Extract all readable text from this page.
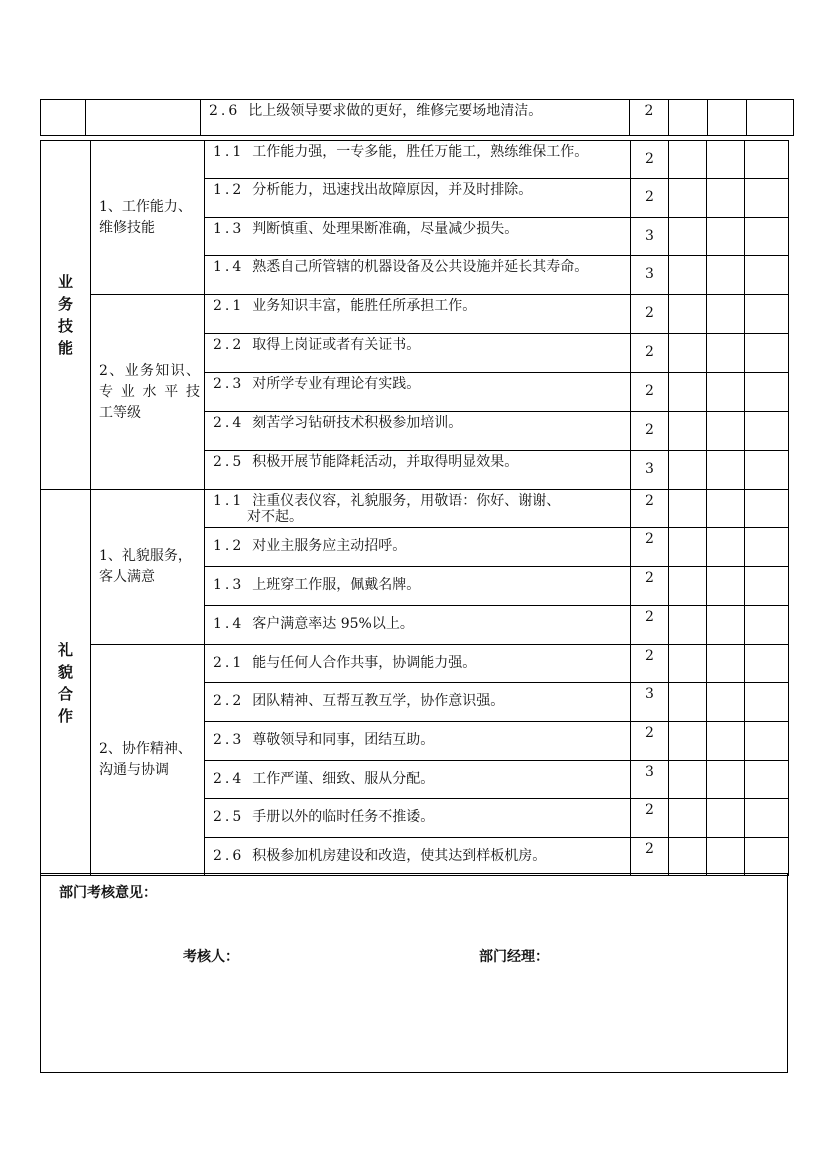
2.6 比上级领导要求做的更好，维修完要场地清洁。	2			
业
务
技
能	1、工作能力、维修技能	1.1 工作能力强，一专多能，胜任万能工，熟练维保工作。	2			

		1.2 分析能力，迅速找出故障原因，并及时排除。	2			

		1.3 判断慎重、处理果断准确，尽量减少损失。	3			

		1.4 熟悉自己所管辖的机器设备及公共设施并延长其寿命。	3			

	2、业务知识、
专 业 水 平 技
工等级	2.1 业务知识丰富，能胜任所承担工作。	2			

		2.2 取得上岗证或者有关证书。	2			

		2.3 对所学专业有理论有实践。	2			

		2.4 刻苦学习钻研技术积极参加培训。	2			

		2.5 积极开展节能降耗活动，并取得明显效果。	3			

礼
貌
合
作	1、礼貌服务，
客人满意	1.1 注重仪表仪容，礼貌服务，用敬语：你好、谢谢、
对不起。	2			

		1.2 对业主服务应主动招呼。	2			

		1.3 上班穿工作服，佩戴名牌。	2			

		1.4 客户满意率达 95%以上。	2			

	2、协作精神、
沟通与协调	2.1 能与任何人合作共事，协调能力强。	2			

		2.2 团队精神、互帮互教互学，协作意识强。	3			

		2.3 尊敬领导和同事，团结互助。	2			

		2.4 工作严谨、细致、服从分配。	3			

		2.5 手册以外的临时任务不推诿。	2			

		2.6 积极参加机房建设和改造，使其达到样板机房。	2			
部门考核意见：
考核人：	部门经理：
